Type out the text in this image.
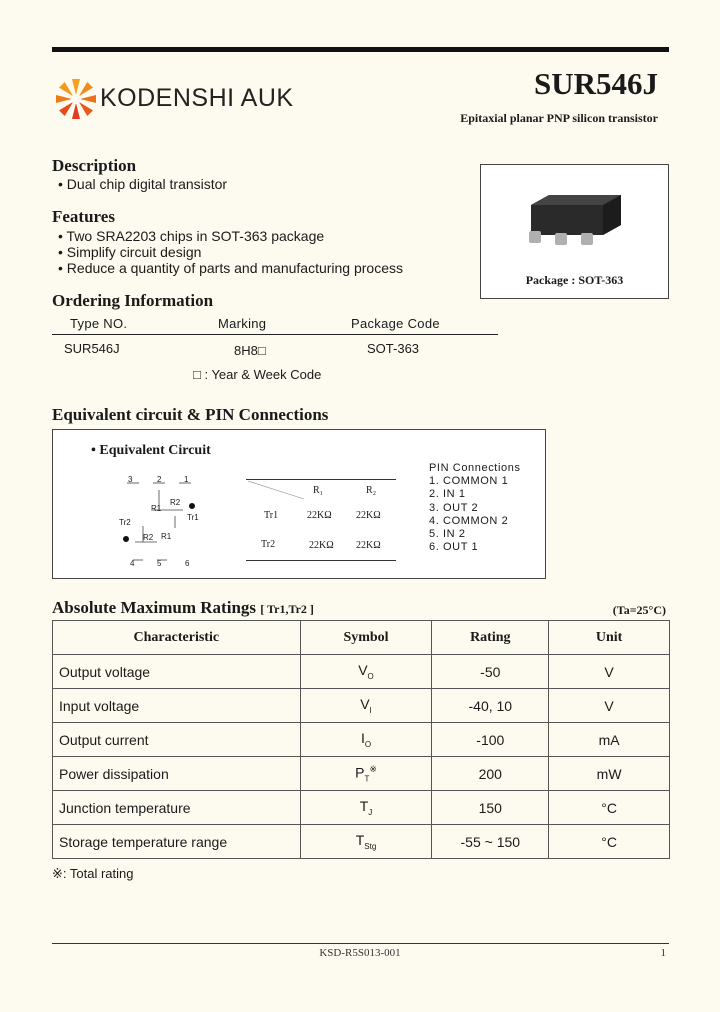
KODENSHI AUK	SUR546J
Epitaxial planar PNP silicon transistor
Description
• Dual chip digital transistor
Features
• Two SRA2203 chips in SOT-363 package
• Simplify circuit design
• Reduce a quantity of parts and manufacturing process
Package : SOT-363
Ordering Information
Type NO.	Marking	Package Code
SUR546J	8H8□	SOT-363
□ : Year & Week Code
Equivalent circuit & PIN Connections
• Equivalent Circuit
3	2	1
R2
R1
Tr1
Tr2
R2 R1
4	5	6
R₁	R₂
Tr1	22KΩ 22KΩ
Tr2	22KΩ 22KΩ
PIN Connections
1. COMMON 1
2. IN 1
3. OUT 2
4. COMMON 2
5. IN 2
6. OUT 1
Absolute Maximum Ratings [ Tr1,Tr2 ]	(Ta=25°C)
Characteristic	Symbol	Rating	Unit
Output voltage	$V_O$	-50	V
Input voltage	$V_I$	-40, 10	V
Output current	$I_O$	-100	mA
Power dissipation	$P_T^※$	200	mW
Junction temperature	$T_J$	150	°C
Storage temperature range	$T_{Stg}$	-55 ~ 150	°C
※: Total rating
KSD-R5S013-001	1
